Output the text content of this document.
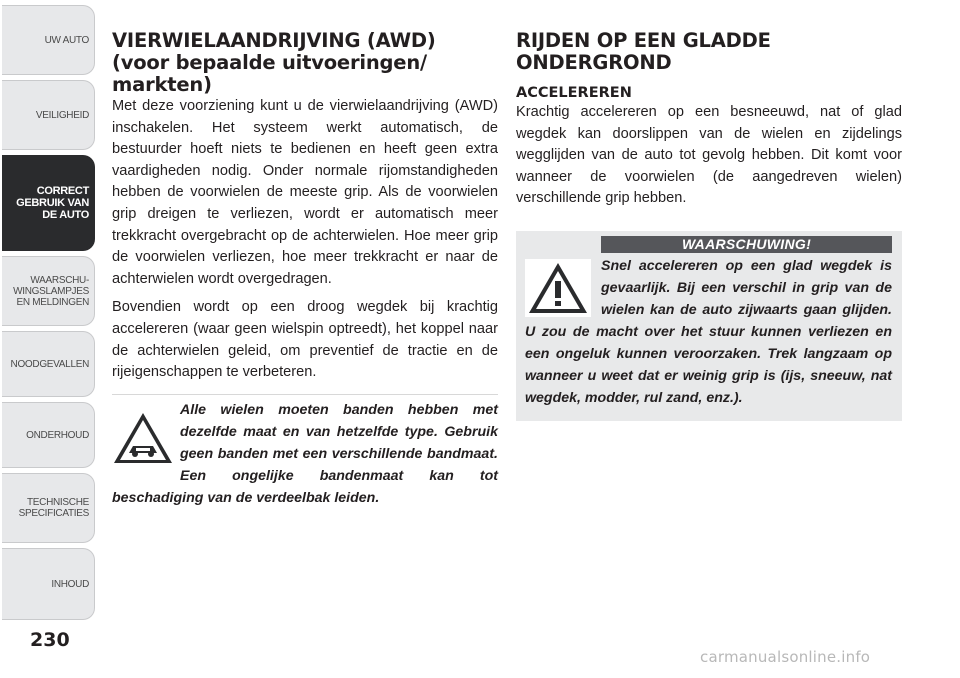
UW AUTO
VEILIGHEID
CORRECT
GEBRUIK VAN
DE AUTO
WAARSCHU-
WINGSLAMPJES
EN MELDINGEN
NOODGEVALLEN
ONDERHOUD
TECHNISCHE
SPECIFICATIES
INHOUD
230
VIERWIELAANDRIJVING (AWD) (voor bepaalde uitvoeringen/ markten)

Met deze voorziening kunt u de vierwielaandrijving (AWD) inschakelen. Het systeem werkt automatisch, de bestuurder hoeft niets te bedienen en heeft geen extra vaardigheden nodig. Onder normale rijomstandigheden hebben de voorwielen de meeste grip. Als de voorwielen grip dreigen te verliezen, wordt er automatisch meer trekkracht overgebracht op de achterwielen. Hoe meer grip de voorwielen verliezen, hoe meer trekkracht er naar de achterwielen wordt overgedragen.

Bovendien wordt op een droog wegdek bij krachtig accelereren (waar geen wielspin optreedt), het koppel naar de achterwielen geleid, om preventief de tractie en de rijeigenschappen te verbeteren.

Alle wielen moeten banden hebben met dezelfde maat en van hetzelfde type. Gebruik geen banden met een verschillende bandmaat. Een ongelijke bandenmaat kan tot beschadiging van de verdeelbak leiden.
RIJDEN OP EEN GLADDE ONDERGROND
ACCELEREREN

Krachtig accelereren op een besneeuwd, nat of glad wegdek kan doorslippen van de wielen en zijdelings wegglijden van de auto tot gevolg hebben. Dit komt voor wanneer de voorwielen (de aangedreven wielen) verschillende grip hebben.

WAARSCHUWING!
Snel accelereren op een glad wegdek is gevaarlijk. Bij een verschil in grip van de wielen kan de auto zijwaarts gaan glijden. U zou de macht over het stuur kunnen verliezen en een ongeluk kunnen veroorzaken. Trek langzaam op wanneer u weet dat er weinig grip is (ijs, sneeuw, nat wegdek, modder, rul zand, enz.).
carmanualsonline.info
